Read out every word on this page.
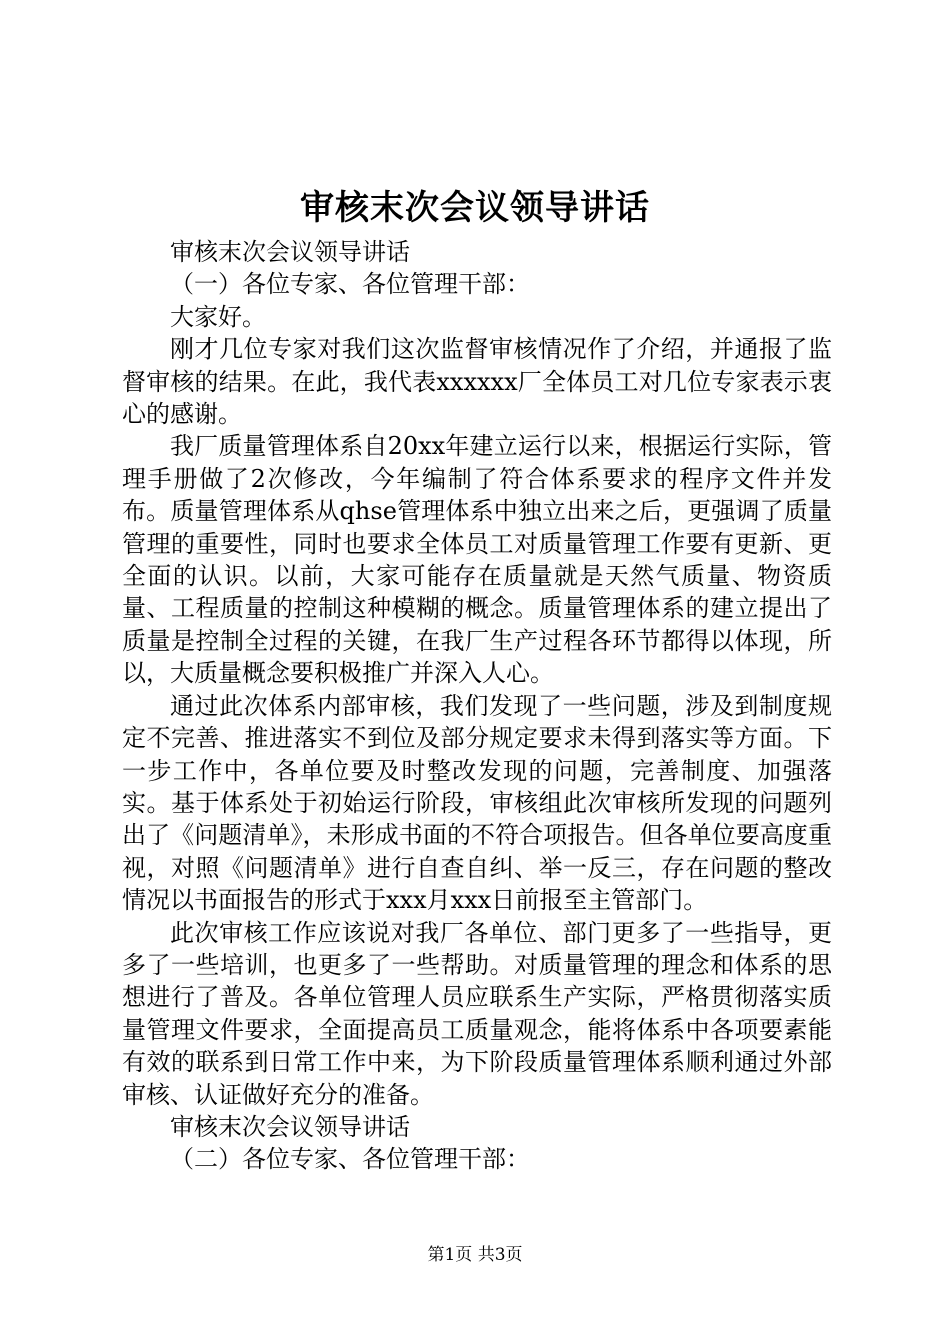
审核末次会议领导讲话

审核末次会议领导讲话

（一）各位专家、各位管理干部：

大家好。

刚才几位专家对我们这次监督审核情况作了介绍，并通报了监督审核的结果。在此，我代表xxxxxx厂全体员工对几位专家表示衷心的感谢。

我厂质量管理体系自20xx年建立运行以来，根据运行实际，管理手册做了2次修改，今年编制了符合体系要求的程序文件并发布。质量管理体系从qhse管理体系中独立出来之后，更强调了质量管理的重要性，同时也要求全体员工对质量管理工作要有更新、更全面的认识。以前，大家可能存在质量就是天然气质量、物资质量、工程质量的控制这种模糊的概念。质量管理体系的建立提出了质量是控制全过程的关键，在我厂生产过程各环节都得以体现，所以，大质量概念要积极推广并深入人心。

通过此次体系内部审核，我们发现了一些问题，涉及到制度规定不完善、推进落实不到位及部分规定要求未得到落实等方面。下一步工作中，各单位要及时整改发现的问题，完善制度、加强落实。基于体系处于初始运行阶段，审核组此次审核所发现的问题列出了《问题清单》，未形成书面的不符合项报告。但各单位要高度重视，对照《问题清单》进行自查自纠、举一反三，存在问题的整改情况以书面报告的形式于xxx月xxx日前报至主管部门。

此次审核工作应该说对我厂各单位、部门更多了一些指导，更多了一些培训，也更多了一些帮助。对质量管理的理念和体系的思想进行了普及。各单位管理人员应联系生产实际，严格贯彻落实质量管理文件要求，全面提高员工质量观念，能将体系中各项要素能有效的联系到日常工作中来，为下阶段质量管理体系顺利通过外部审核、认证做好充分的准备。

审核末次会议领导讲话

（二）各位专家、各位管理干部：

第1页 共3页
